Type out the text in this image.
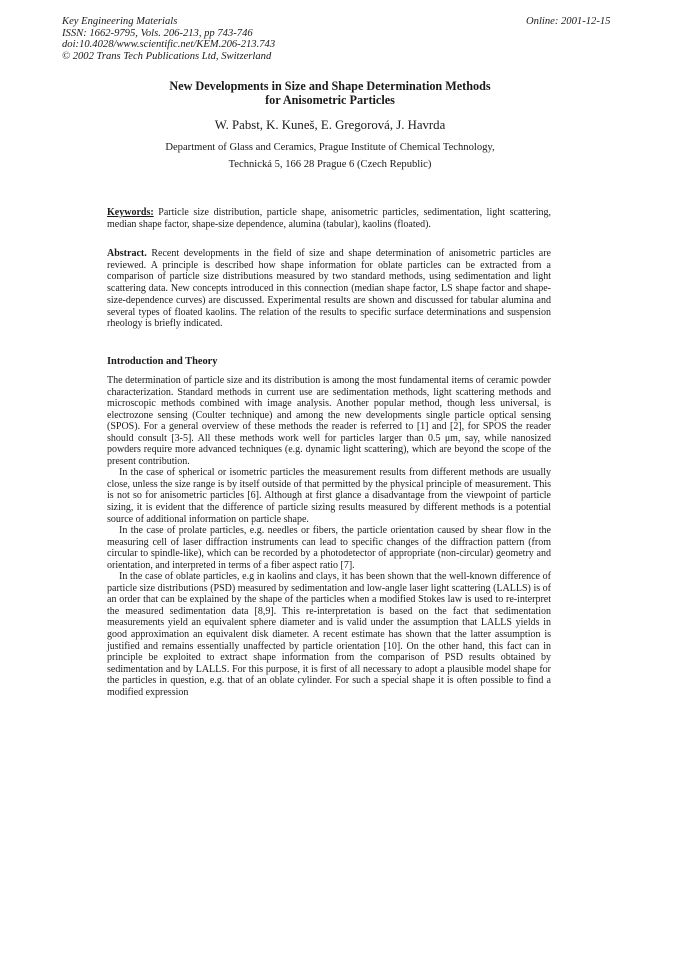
Key Engineering Materials
ISSN: 1662-9795, Vols. 206-213, pp 743-746
doi:10.4028/www.scientific.net/KEM.206-213.743
© 2002 Trans Tech Publications Ltd, Switzerland
Online: 2001-12-15
New Developments in Size and Shape Determination Methods
for Anisometric Particles
W. Pabst, K. Kuneš, E. Gregorová, J. Havrda
Department of Glass and Ceramics, Prague Institute of Chemical Technology,
Technická 5, 166 28 Prague 6 (Czech Republic)
Keywords: Particle size distribution, particle shape, anisometric particles, sedimentation, light scattering, median shape factor, shape-size dependence, alumina (tabular), kaolins (floated).
Abstract. Recent developments in the field of size and shape determination of anisometric particles are reviewed. A principle is described how shape information for oblate particles can be extracted from a comparison of particle size distributions measured by two standard methods, using sedimentation and light scattering data. New concepts introduced in this connection (median shape factor, LS shape factor and shape-size-dependence curves) are discussed. Experimental results are shown and discussed for tabular alumina and several types of floated kaolins. The relation of the results to specific surface determinations and suspension rheology is briefly indicated.
Introduction and Theory

The determination of particle size and its distribution is among the most fundamental items of ceramic powder characterization. Standard methods in current use are sedimentation methods, light scattering methods and microscopic methods combined with image analysis. Another popular method, though less universal, is electrozone sensing (Coulter technique) and among the new developments single particle optical sensing (SPOS). For a general overview of these methods the reader is referred to [1] and [2], for SPOS the reader should consult [3-5]. All these methods work well for particles larger than 0.5 μm, say, while nanosized powders require more advanced techniques (e.g. dynamic light scattering), which are beyond the scope of the present contribution.

In the case of spherical or isometric particles the measurement results from different methods are usually close, unless the size range is by itself outside of that permitted by the physical principle of measurement. This is not so for anisometric particles [6]. Although at first glance a disadvantage from the viewpoint of particle sizing, it is evident that the difference of particle sizing results measured by different methods is a potential source of additional information on particle shape.

In the case of prolate particles, e.g. needles or fibers, the particle orientation caused by shear flow in the measuring cell of laser diffraction instruments can lead to specific changes of the diffraction pattern (from circular to spindle-like), which can be recorded by a photodetector of appropriate (non-circular) geometry and orientation, and interpreted in terms of a fiber aspect ratio [7].

In the case of oblate particles, e.g in kaolins and clays, it has been shown that the well-known difference of particle size distributions (PSD) measured by sedimentation and low-angle laser light scattering (LALLS) is of an order that can be explained by the shape of the particles when a modified Stokes law is used to re-interpret the measured sedimentation data [8,9]. This re-interpretation is based on the fact that sedimentation measurements yield an equivalent sphere diameter and is valid under the assumption that LALLS yields in good approximation an equivalent disk diameter. A recent estimate has shown that the latter assumption is justified and remains essentially unaffected by particle orientation [10]. On the other hand, this fact can in principle be exploited to extract shape information from the comparison of PSD results obtained by sedimentation and by LALLS. For this purpose, it is first of all necessary to adopt a plausible model shape for the particles in question, e.g. that of an oblate cylinder. For such a special shape it is often possible to find a modified expression
